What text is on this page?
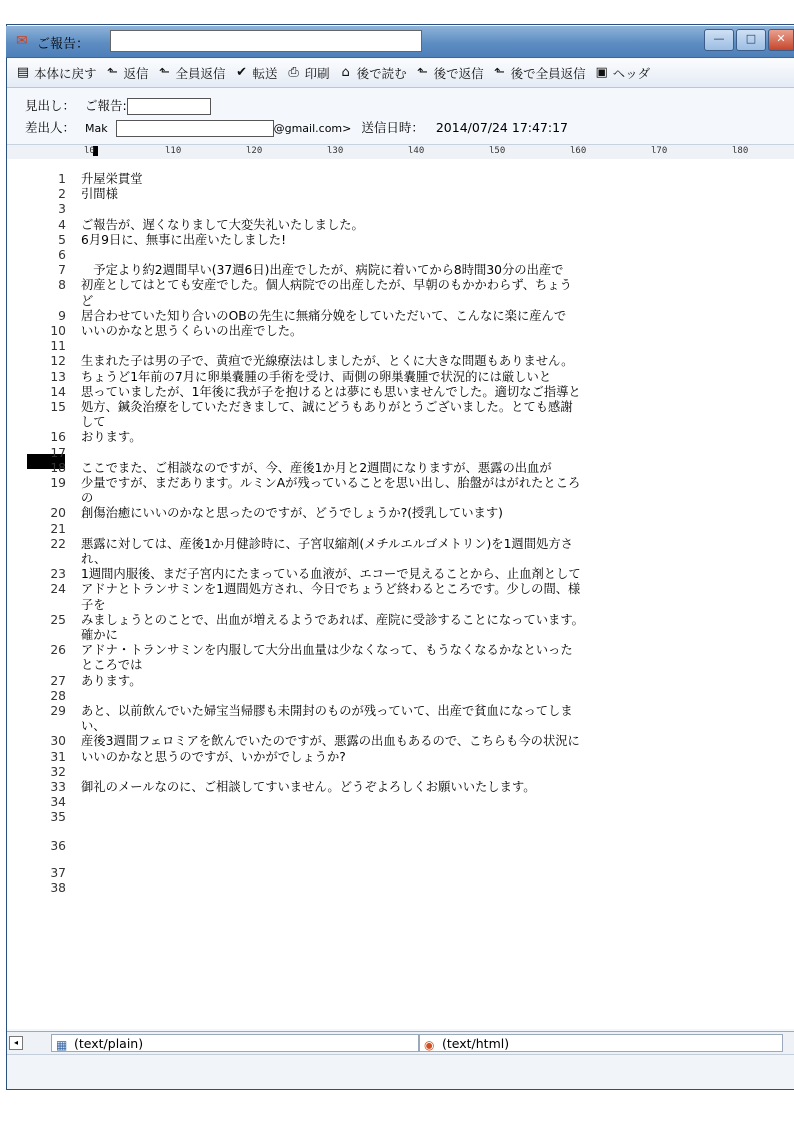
✉ ご報告：	—	□	✕
▤ 本体に戻す ⬑ 返信 ⬑ 全員返信 ✔ 転送 ⎙ 印刷 ⌂ 後で読む ⬑ 後で返信 ⬑ 後で全員返信 ▣ ヘッダ
見出し： ご報告:
差出人： Mak	@gmail.com> 送信日時： 2014/07/24 17:47:17
l0	l10	l20	l30	l40	l50	l60	l70	l80
1 升屋栄貫堂
2 引間様
3
4 ご報告が、遅くなりまして大変失礼いたしました。
5 6月9日に、無事に出産いたしました!
6
7 　予定より約2週間早い(37週6日)出産でしたが、病院に着いてから8時間30分の出産で
8 初産としてはとても安産でした。個人病院での出産したが、早朝のもかかわらず、ちょう
ど
9 居合わせていた知り合いのOBの先生に無痛分娩をしていただいて、こんなに楽に産んで
10 いいのかなと思うくらいの出産でした。
11
12 生まれた子は男の子で、黄疸で光線療法はしましたが、とくに大きな問題もありません。
13 ちょうど1年前の7月に卵巣嚢腫の手術を受け、両側の卵巣嚢腫で状況的には厳しいと
14 思っていましたが、1年後に我が子を抱けるとは夢にも思いませんでした。適切なご指導と
15 処方、鍼灸治療をしていただきまして、誠にどうもありがとうございました。とても感謝
して
16 おります。
17
18 ここでまた、ご相談なのですが、今、産後1か月と2週間になりますが、悪露の出血が
19 少量ですが、まだあります。ルミンAが残っていることを思い出し、胎盤がはがれたところ
の
20 創傷治癒にいいのかなと思ったのですが、どうでしょうか?(授乳しています)
21
22 悪露に対しては、産後1か月健診時に、子宮収縮剤(メチルエルゴメトリン)を1週間処方さ
れ、
23 1週間内服後、まだ子宮内にたまっている血液が、エコーで見えることから、止血剤として
24 アドナとトランサミンを1週間処方され、今日でちょうど終わるところです。少しの間、様
子を
25 みましょうとのことで、出血が増えるようであれば、産院に受診することになっています。
確かに
26 アドナ・トランサミンを内服して大分出血量は少なくなって、もうなくなるかなといった
ところでは
27 あります。
28
29 あと、以前飲んでいた婦宝当帰膠も未開封のものが残っていて、出産で貧血になってしま
い、
30 産後3週間フェロミアを飲んでいたのですが、悪露の出血もあるので、こちらも今の状況に
31 いいのかなと思うのですが、いかがでしょうか?
32
33 御礼のメールなのに、ご相談してすいません。どうぞよろしくお願いいたします。
34
35
36
37
38
◂	▦ (text/plain)	◉ (text/html)
